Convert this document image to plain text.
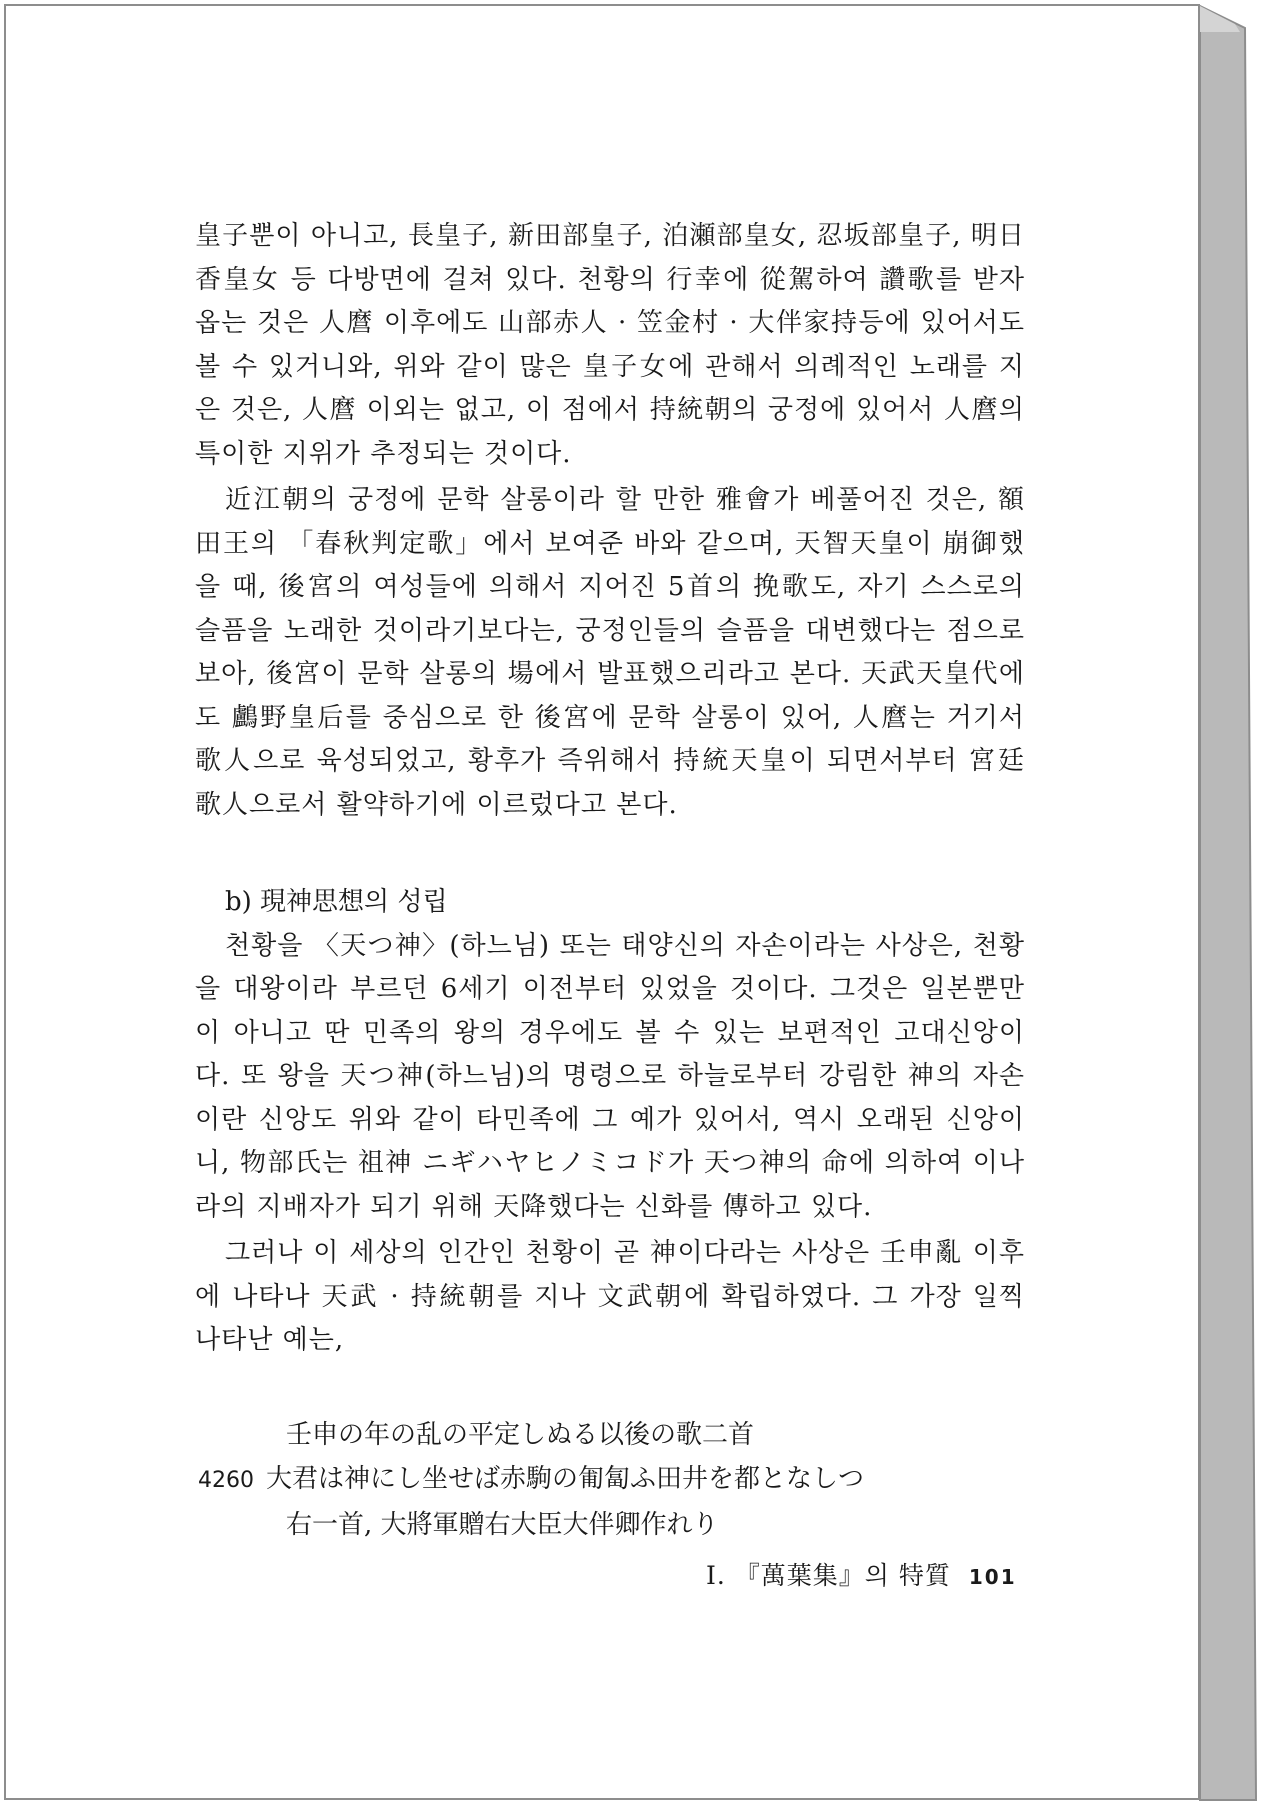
皇子뿐이 아니고, 長皇子, 新田部皇子, 泊瀬部皇女, 忍坂部皇子, 明日香皇女 등 다방면에 걸쳐 있다. 천황의 行幸에 從駕하여 讚歌를 받자옵는 것은 人麿 이후에도 山部赤人 · 笠金村 · 大伴家持등에 있어서도 볼 수 있거니와, 위와 같이 많은 皇子女에 관해서 의례적인 노래를 지은 것은, 人麿 이외는 없고, 이 점에서 持統朝의 궁정에 있어서 人麿의 특이한 지위가 추정되는 것이다.

近江朝의 궁정에 문학 살롱이라 할 만한 雅會가 베풀어진 것은, 額田王의 「春秋判定歌」에서 보여준 바와 같으며, 天智天皇이 崩御했을 때, 後宮의 여성들에 의해서 지어진 5首의 挽歌도, 자기 스스로의 슬픔을 노래한 것이라기보다는, 궁정인들의 슬픔을 대변했다는 점으로 보아, 後宮이 문학 살롱의 場에서 발표했으리라고 본다. 天武天皇代에도 鸕野皇后를 중심으로 한 後宮에 문학 살롱이 있어, 人麿는 거기서 歌人으로 육성되었고, 황후가 즉위해서 持統天皇이 되면서부터 宮廷歌人으로서 활약하기에 이르렀다고 본다.

b) 現神思想의 성립

천황을 〈天つ神〉(하느님) 또는 태양신의 자손이라는 사상은, 천황을 대왕이라 부르던 6세기 이전부터 있었을 것이다. 그것은 일본뿐만이 아니고 딴 민족의 왕의 경우에도 볼 수 있는 보편적인 고대신앙이다. 또 왕을 天つ神(하느님)의 명령으로 하늘로부터 강림한 神의 자손이란 신앙도 위와 같이 타민족에 그 예가 있어서, 역시 오래된 신앙이니, 物部氏는 祖神 ニギハヤヒノミコド가 天つ神의 命에 의하여 이나라의 지배자가 되기 위해 天降했다는 신화를 傳하고 있다.

그러나 이 세상의 인간인 천황이 곧 神이다라는 사상은 壬申亂 이후에 나타나 天武 · 持統朝를 지나 文武朝에 확립하였다. 그 가장 일찍 나타난 예는,

壬申の年の乱の平定しぬる以後の歌二首
4260 大君は神にし坐せば赤駒の匍匐ふ田井を都となしつ
右一首, 大將軍贈右大臣大伴卿作れり
I. 『萬葉集』의 特質 101
